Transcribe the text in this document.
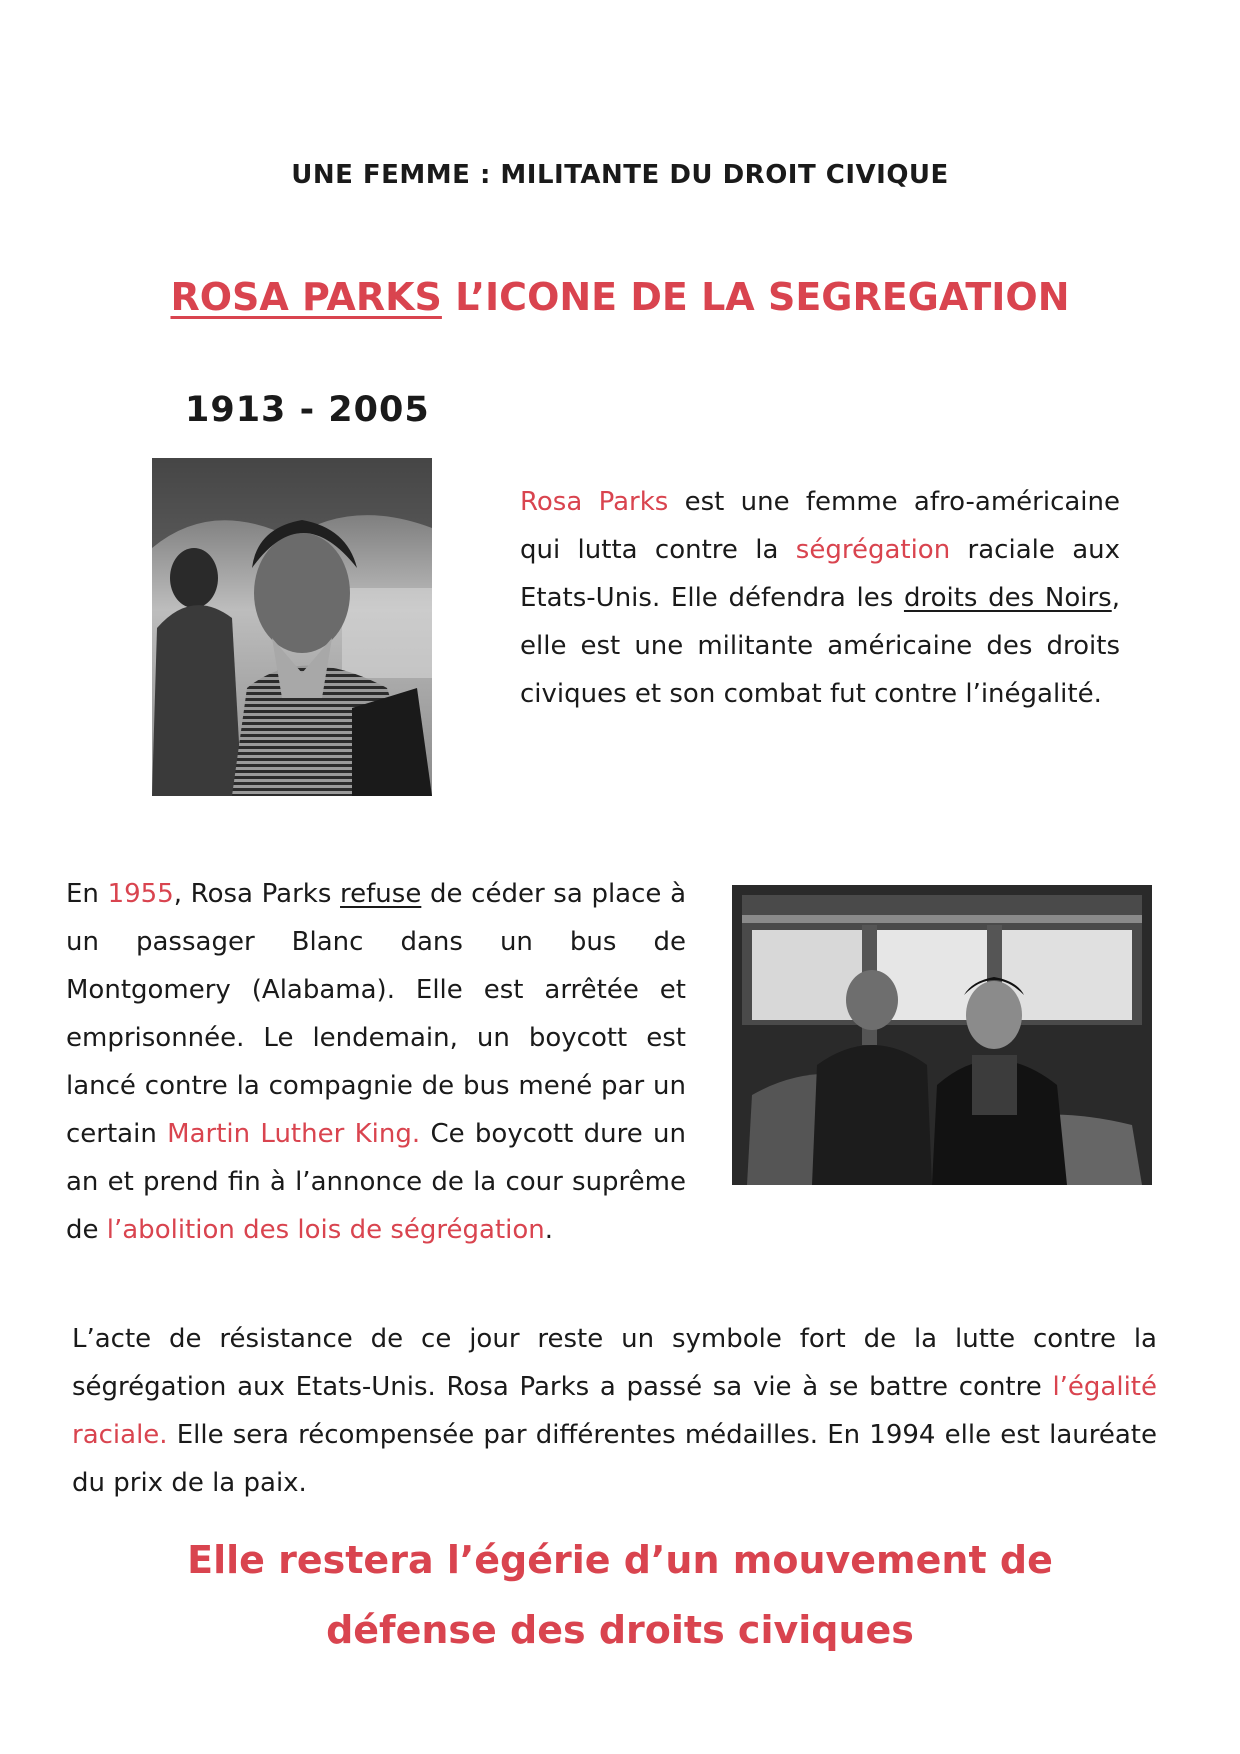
UNE FEMME : MILITANTE DU DROIT CIVIQUE
ROSA PARKS L’ICONE DE LA SEGREGATION
1913 - 2005
Rosa Parks est une femme afro-américaine qui lutta contre la ségrégation raciale aux Etats-Unis. Elle défendra les droits des Noirs, elle est une militante américaine des droits civiques et son combat fut contre l’inégalité.
En 1955, Rosa Parks refuse de céder sa place à un passager Blanc dans un bus de Montgomery (Alabama). Elle est arrêtée et emprisonnée. Le lendemain, un boycott est lancé contre la compagnie de bus mené par un certain Martin Luther King. Ce boycott dure un an et prend fin à l’annonce de la cour suprême de l’abolition des lois de ségrégation.
L’acte de résistance de ce jour reste un symbole fort de la lutte contre la ségrégation aux Etats-Unis. Rosa Parks a passé sa vie à se battre contre l’égalité raciale. Elle sera récompensée par différentes médailles. En 1994 elle est lauréate du prix de la paix.
Elle restera l’égérie d’un mouvement de défense des droits civiques
